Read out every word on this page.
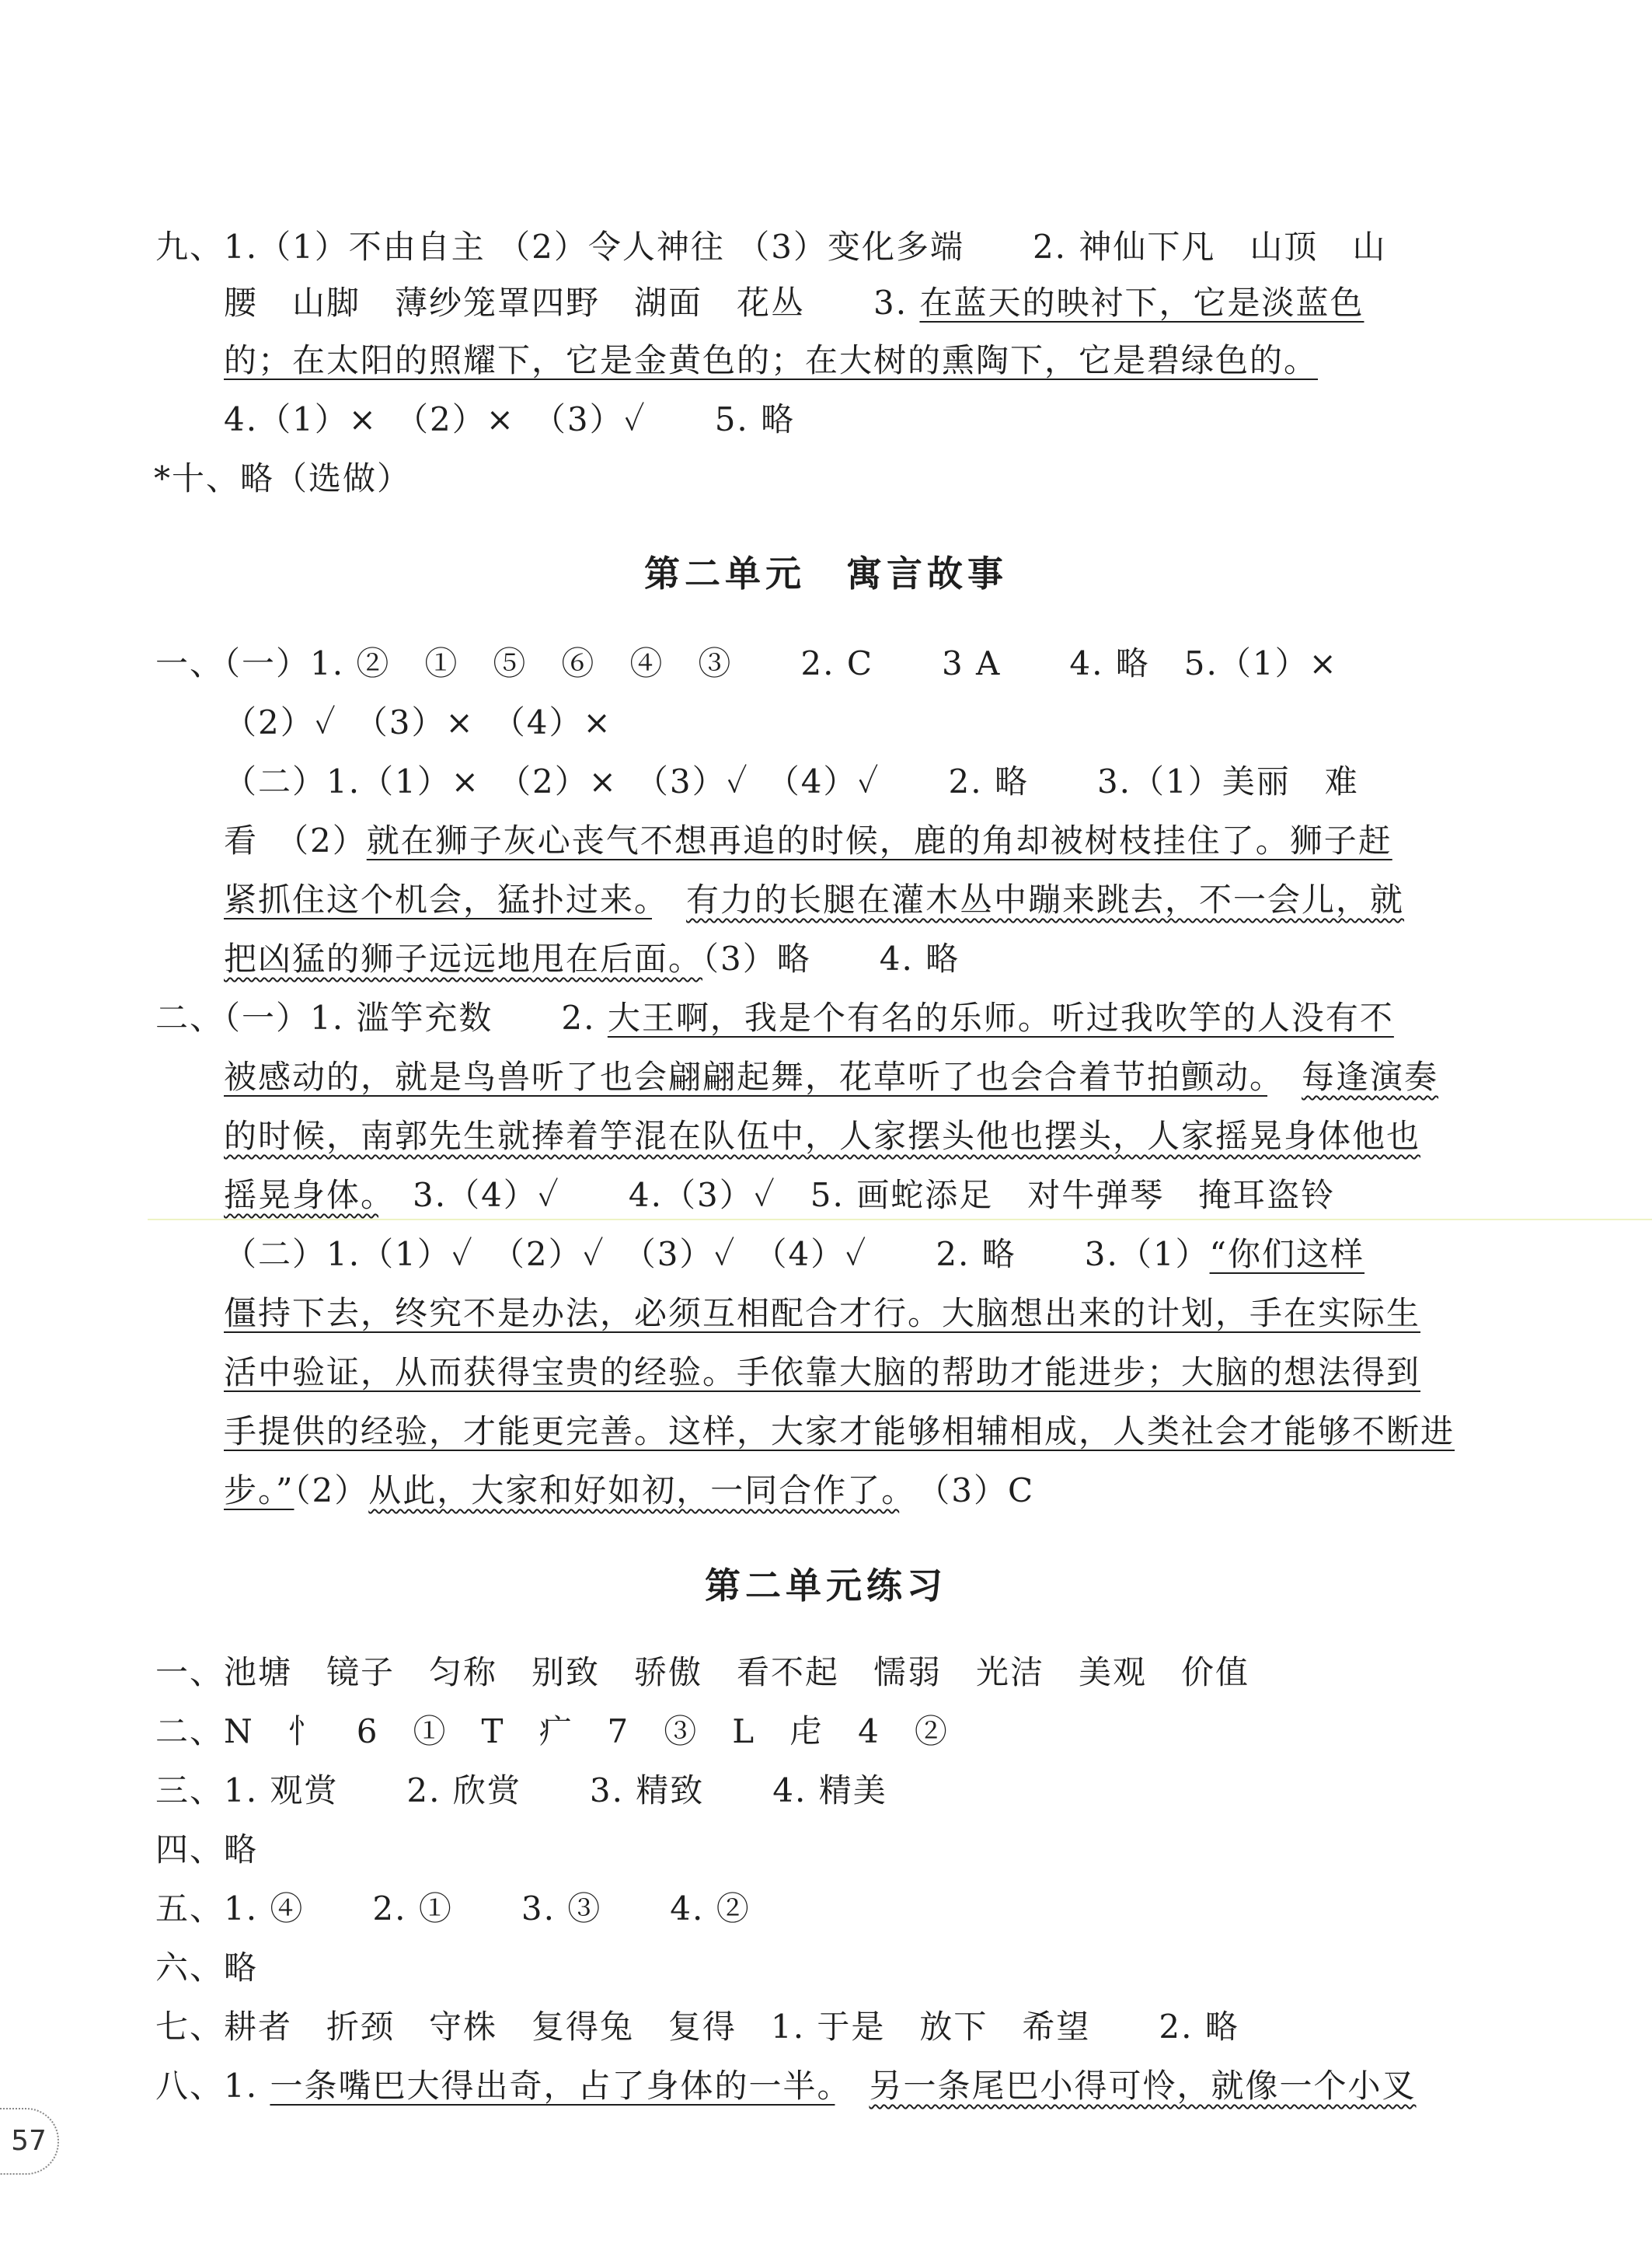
九、1.（1）不由自主 （2）令人神往 （3）变化多端　　2. 神仙下凡　山顶　山
腰　山脚　薄纱笼罩四野　湖面　花丛　　3. 在蓝天的映衬下，它是淡蓝色
的；在太阳的照耀下，它是金黄色的；在大树的熏陶下，它是碧绿色的。
4.（1）×　（2）×　（3）✓　　5. 略
*十、略（选做）
第二单元　寓言故事
一、（一）1. ②　①　⑤　⑥　④　③　　2. C　　3 A　　4. 略　5.（1）×
（2）✓　（3）×　（4）×
（二）1.（1）×　（2）×　（3）✓　（4）✓　　2. 略　　3.（1）美丽　难
看　（2）就在狮子灰心丧气不想再追的时候，鹿的角却被树枝挂住了。狮子赶
紧抓住这个机会，猛扑过来。　 有力的长腿在灌木丛中蹦来跳去，不一会儿，就
把凶猛的狮子远远地甩在后面。（3）略　　4. 略
二、（一）1. 滥竽充数　　2. 大王啊，我是个有名的乐师。听过我吹竽的人没有不
被感动的，就是鸟兽听了也会翩翩起舞，花草听了也会合着节拍颤动。　 每逢演奏
的时候，南郭先生就捧着竽混在队伍中，人家摆头他也摆头，人家摇晃身体他也
摇晃身体。　3.（4）✓　　4.（3）✓　5. 画蛇添足　对牛弹琴　掩耳盗铃
（二）1.（1）✓　（2）✓　（3）✓　（4）✓　　2. 略　　3.（1）“你们这样
僵持下去，终究不是办法，必须互相配合才行。大脑想出来的计划，手在实际生
活中验证，从而获得宝贵的经验。手依靠大脑的帮助才能进步；大脑的想法得到
手提供的经验，才能更完善。这样，大家才能够相辅相成，人类社会才能够不断进
步。”（2）从此，大家和好如初，一同合作了。　（3）C
第二单元练习
一、池塘　镜子　匀称　别致　骄傲　看不起　懦弱　光洁　美观　价值
二、N　忄　6　①　T　疒　7　③　L　虍　4　②
三、1. 观赏　　2. 欣赏　　3. 精致　　4. 精美
四、略
五、1. ④　　2. ①　　3. ③　　4. ②
六、略
七、耕者　折颈　守株　复得兔　复得　1. 于是　放下　希望　　2. 略
八、1. 一条嘴巴大得出奇，占了身体的一半。　 另一条尾巴小得可怜，就像一个小叉
57
